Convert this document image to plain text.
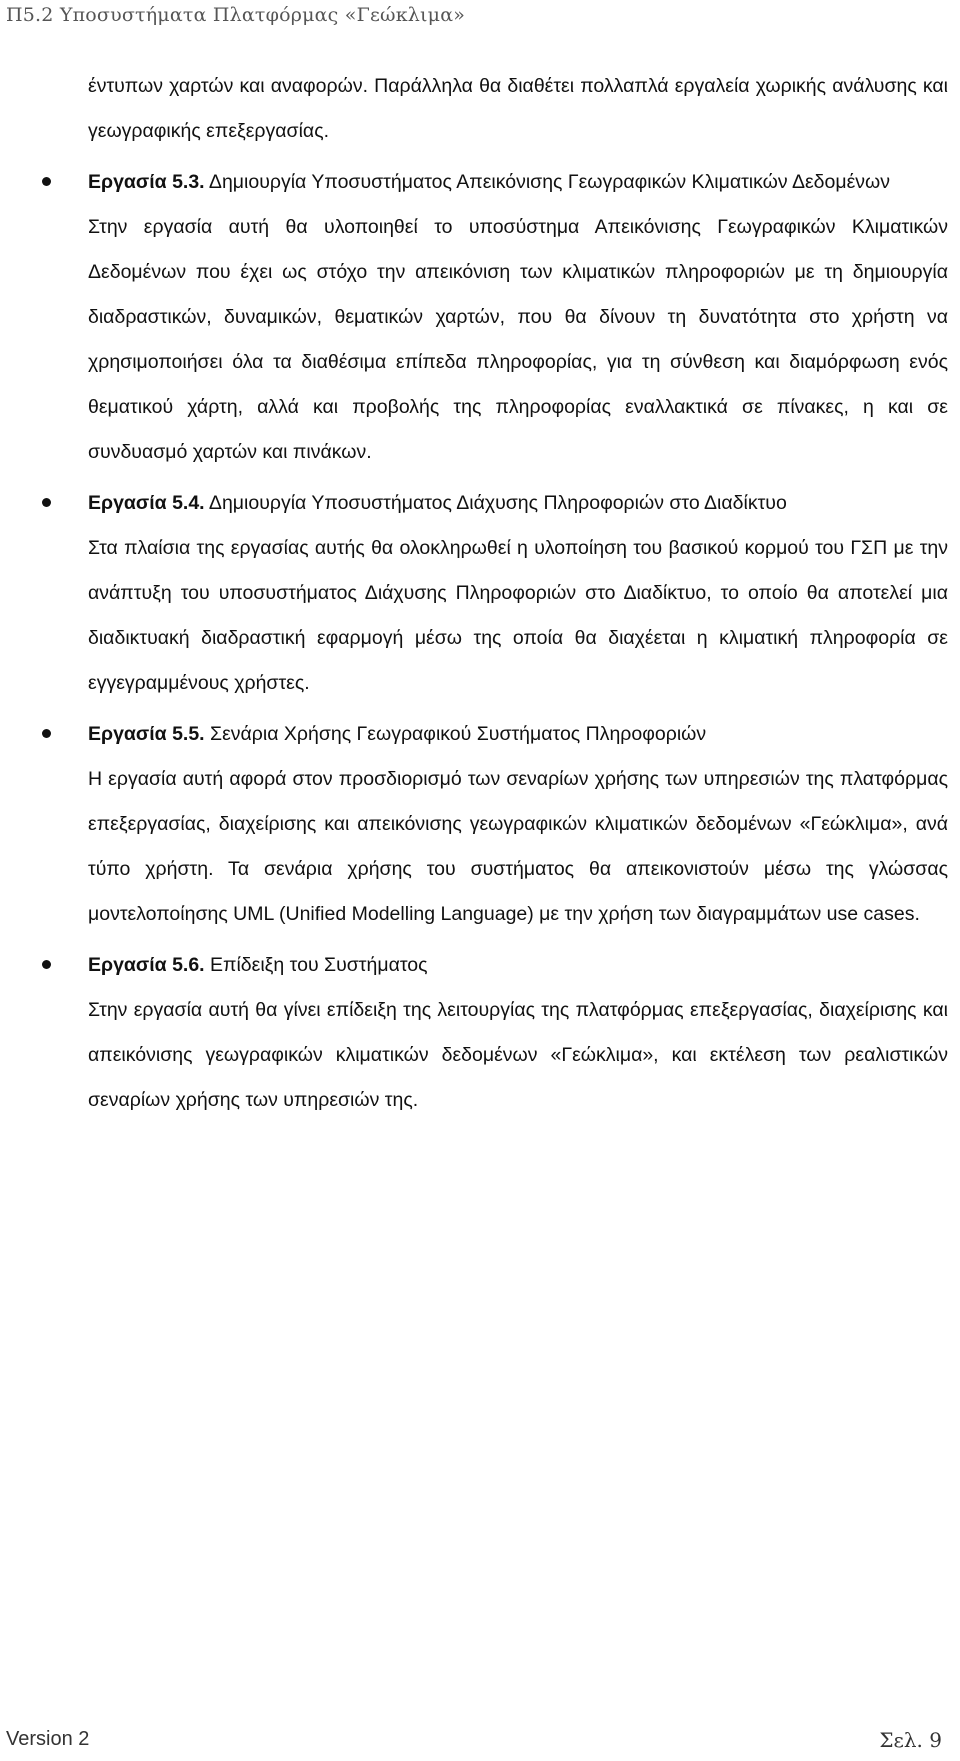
Π5.2 Υποσυστήματα Πλατφόρμας «Γεώκλιμα»

έντυπων χαρτών και αναφορών. Παράλληλα θα διαθέτει πολλαπλά εργαλεία χωρικής ανάλυσης και γεωγραφικής επεξεργασίας.

Εργασία 5.3. Δημιουργία Υποσυστήματος Απεικόνισης Γεωγραφικών Κλιματικών Δεδομένων
Στην εργασία αυτή θα υλοποιηθεί το υποσύστημα Απεικόνισης Γεωγραφικών Κλιματικών Δεδομένων που έχει ως στόχο την απεικόνιση των κλιματικών πληροφοριών με τη δημιουργία διαδραστικών, δυναμικών, θεματικών χαρτών, που θα δίνουν τη δυνατότητα στο χρήστη να χρησιμοποιήσει όλα τα διαθέσιμα επίπεδα πληροφορίας, για τη σύνθεση και διαμόρφωση ενός θεματικού χάρτη, αλλά και προβολής της πληροφορίας εναλλακτικά σε πίνακες, η και σε συνδυασμό χαρτών και πινάκων.
Εργασία 5.4. Δημιουργία Υποσυστήματος Διάχυσης Πληροφοριών στο Διαδίκτυο
Στα πλαίσια της εργασίας αυτής θα ολοκληρωθεί η υλοποίηση του βασικού κορμού του ΓΣΠ με την ανάπτυξη του υποσυστήματος Διάχυσης Πληροφοριών στο Διαδίκτυο, το οποίο θα αποτελεί μια διαδικτυακή διαδραστική εφαρμογή μέσω της οποία θα διαχέεται η κλιματική πληροφορία σε εγγεγραμμένους χρήστες.
Εργασία 5.5. Σενάρια Χρήσης Γεωγραφικού Συστήματος Πληροφοριών
Η εργασία αυτή αφορά στον προσδιορισμό των σεναρίων χρήσης των υπηρεσιών της πλατφόρμας επεξεργασίας, διαχείρισης και απεικόνισης γεωγραφικών κλιματικών δεδομένων «Γεώκλιμα», ανά τύπο χρήστη. Τα σενάρια χρήσης του συστήματος θα απεικονιστούν μέσω της γλώσσας μοντελοποίησης UML (Unified Modelling Language) με την χρήση των διαγραμμάτων use cases.
Εργασία 5.6. Επίδειξη του Συστήματος
Στην εργασία αυτή θα γίνει επίδειξη της λειτουργίας της πλατφόρμας επεξεργασίας, διαχείρισης και απεικόνισης γεωγραφικών κλιματικών δεδομένων «Γεώκλιμα», και εκτέλεση των ρεαλιστικών σεναρίων χρήσης των υπηρεσιών της.
Version 2	Σελ. 9
